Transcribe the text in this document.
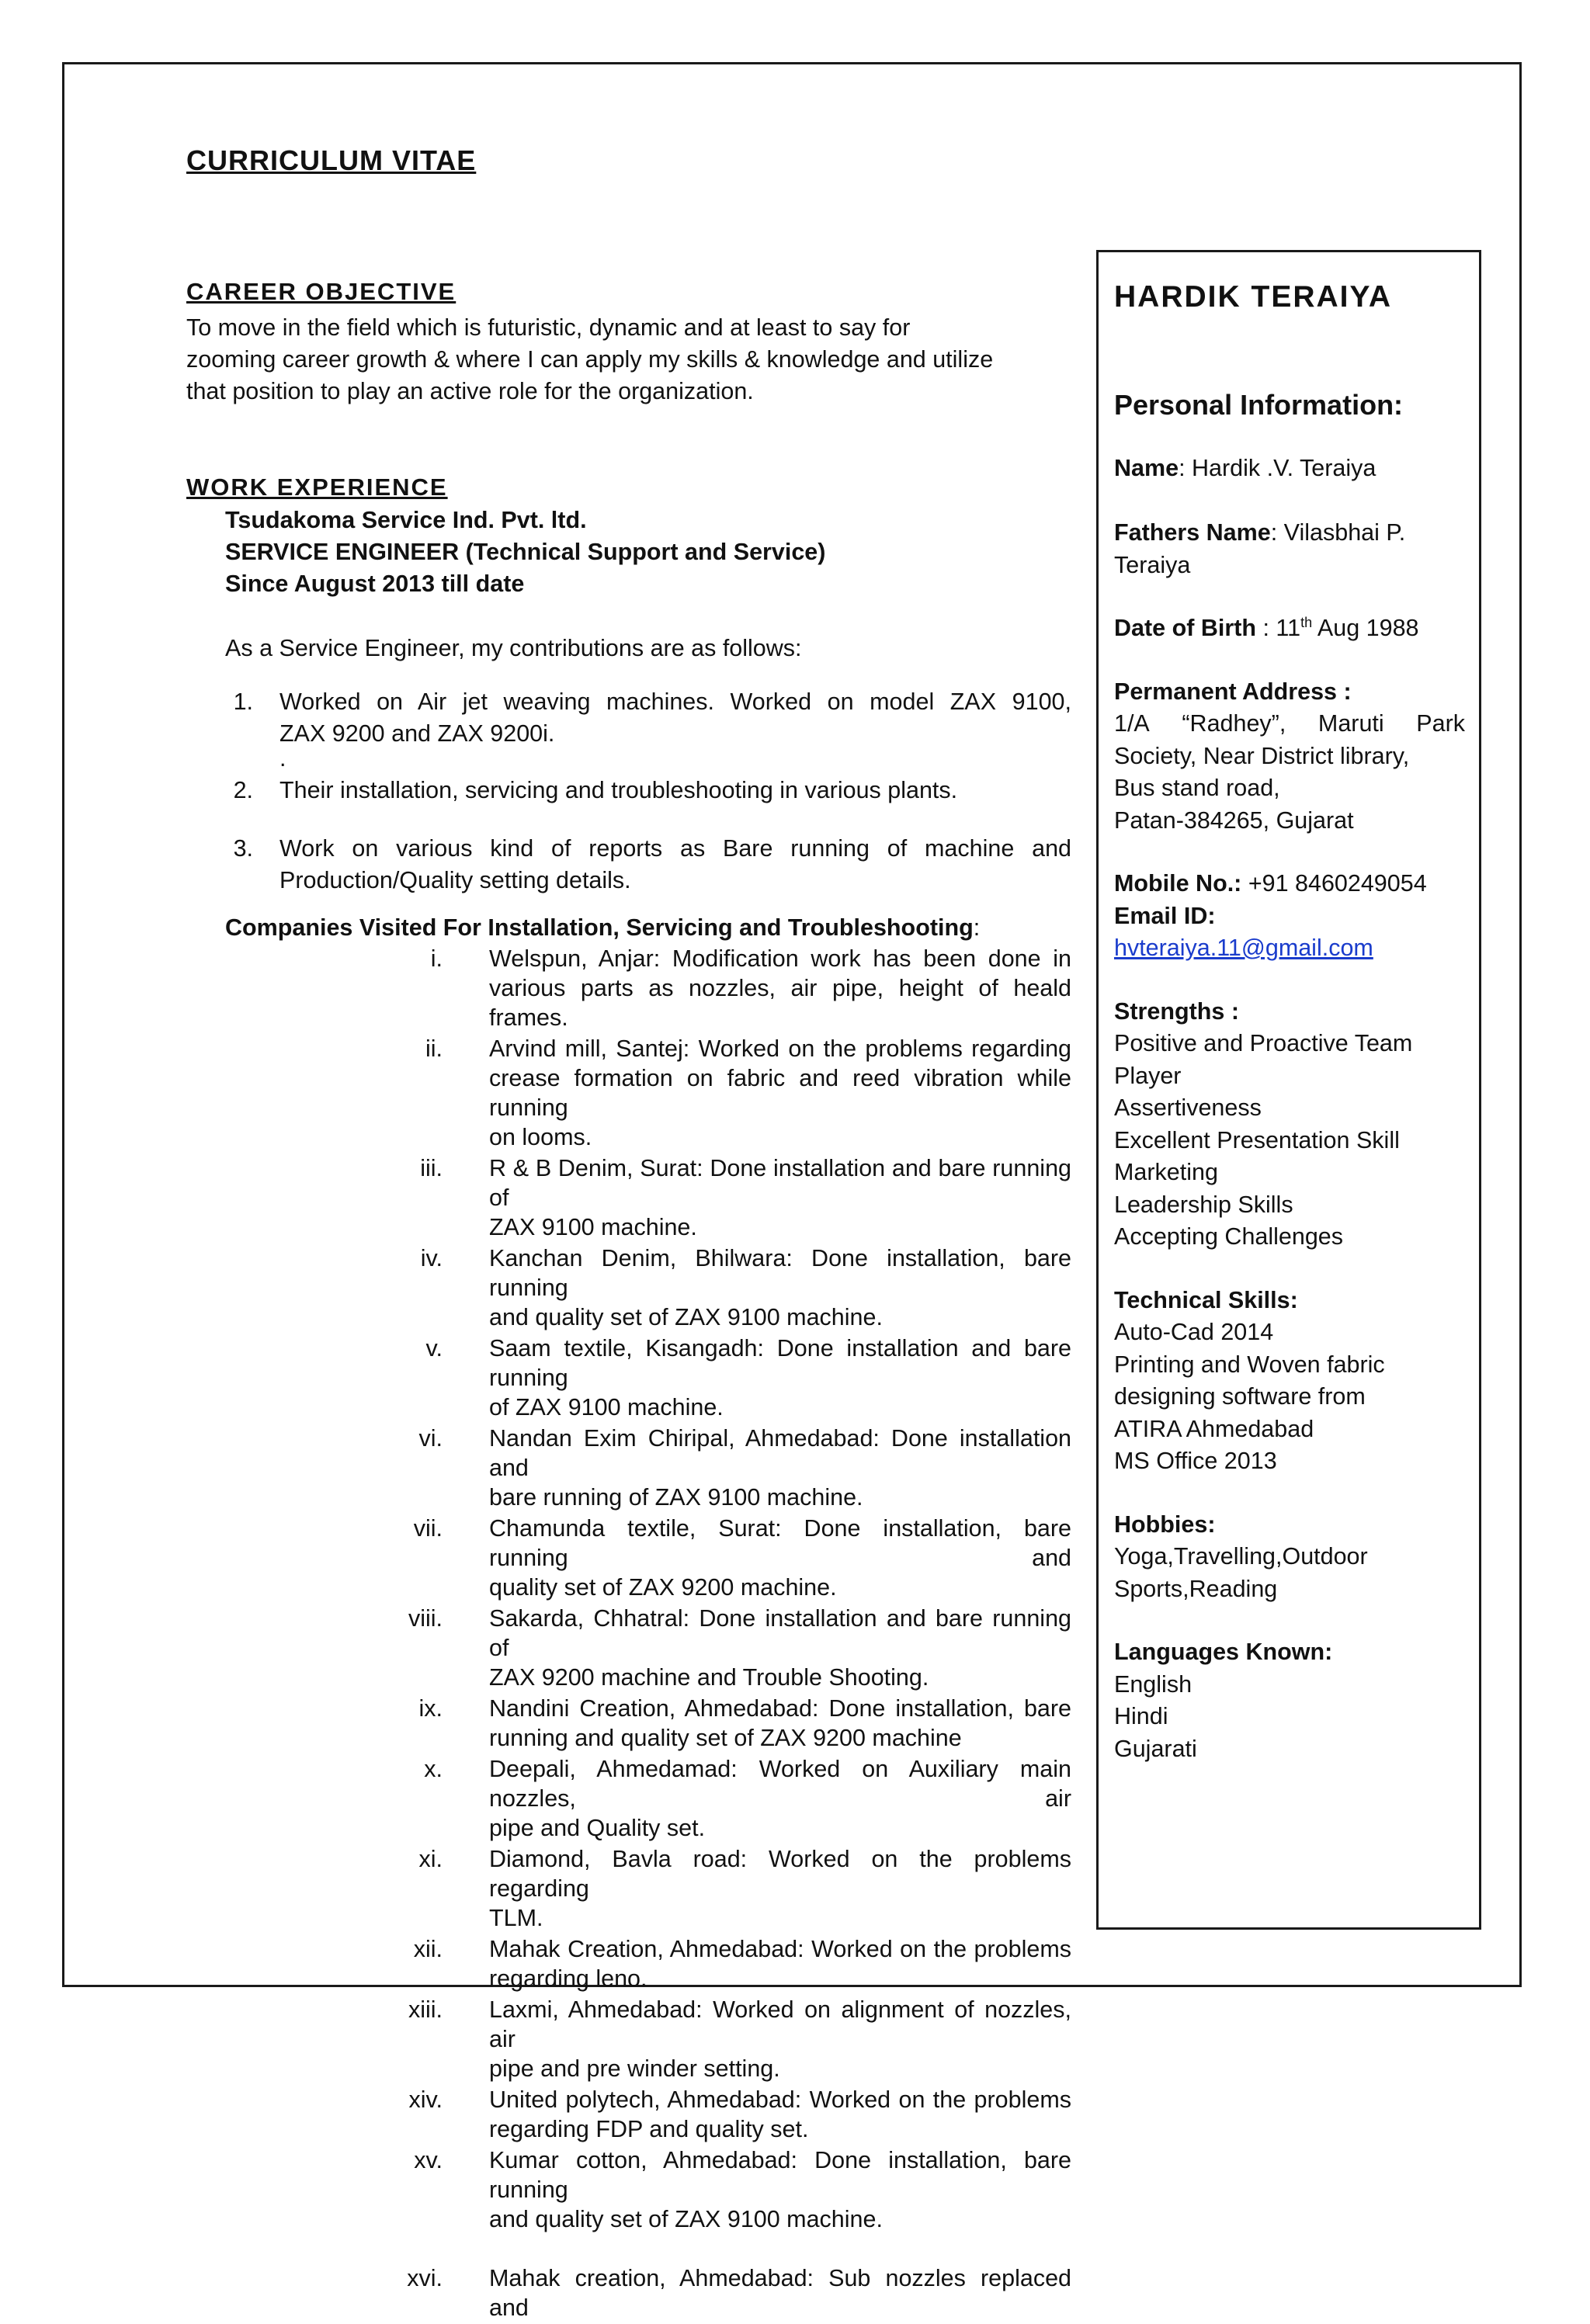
CURRICULUM VITAE
CAREER OBJECTIVE
To move in the field which is futuristic, dynamic and at least to say for
zooming career growth & where I can apply my skills & knowledge and utilize
that position to play an active role for the organization.
WORK EXPERIENCE
Tsudakoma Service Ind. Pvt. ltd.
SERVICE ENGINEER (Technical Support and Service)
Since August 2013 till date
As a Service Engineer, my contributions are as follows:
1.	Worked on Air jet weaving machines. Worked on model ZAX 9100,
ZAX 9200 and ZAX 9200i.
.
2.	Their installation, servicing and troubleshooting in various plants.
3.	Work on various kind of reports as Bare running of machine and
Production/Quality setting details.
Companies Visited For Installation, Servicing and Troubleshooting:
i. Welspun, Anjar: Modification work has been done in
various parts as nozzles, air pipe, height of heald frames.
ii. Arvind mill, Santej: Worked on the problems regarding
crease formation on fabric and reed vibration while running
on looms.
iii. R & B Denim, Surat: Done installation and bare running of
ZAX 9100 machine.
iv. Kanchan Denim, Bhilwara: Done installation, bare running
and quality set of ZAX 9100 machine.
v. Saam textile, Kisangadh: Done installation and bare running
of ZAX 9100 machine.
vi. Nandan Exim Chiripal, Ahmedabad: Done installation and
bare running of ZAX 9100 machine.
vii. Chamunda textile, Surat: Done installation, bare running and
quality set of ZAX 9200 machine.
viii. Sakarda, Chhatral: Done installation and bare running of
ZAX 9200 machine and Trouble Shooting.
ix. Nandini Creation, Ahmedabad: Done installation, bare
running and quality set of ZAX 9200 machine
x. Deepali, Ahmedamad: Worked on Auxiliary main nozzles, air
pipe and Quality set.
xi. Diamond, Bavla road: Worked on the problems regarding
TLM.
xii. Mahak Creation, Ahmedabad: Worked on the problems
regarding leno.
xiii. Laxmi, Ahmedabad: Worked on alignment of nozzles, air
pipe and pre winder setting.
xiv. United polytech, Ahmedabad: Worked on the problems
regarding FDP and quality set.
xv. Kumar cotton, Ahmedabad: Done installation, bare running
and quality set of ZAX 9100 machine.
xvi. Mahak creation, Ahmedabad: Sub nozzles replaced and
HARDIK TERAIYA
Personal Information:
Name: Hardik .V. Teraiya
Fathers Name: Vilasbhai P.
Teraiya
Date of Birth : 11th Aug 1988
Permanent Address :
1/A “Radhey”, Maruti Park
Society, Near District library,
Bus stand road,
Patan-384265, Gujarat
Mobile No.: +91 8460249054
Email ID:
hvteraiya.11@gmail.com
Strengths :
Positive and Proactive Team
Player
Assertiveness
Excellent Presentation Skill
Marketing
Leadership Skills
Accepting Challenges
Technical Skills:
Auto-Cad 2014
Printing and Woven fabric
designing software from
ATIRA Ahmedabad
MS Office 2013
Hobbies:
Yoga,Travelling,Outdoor
Sports,Reading
Languages Known:
English
Hindi
Gujarati
